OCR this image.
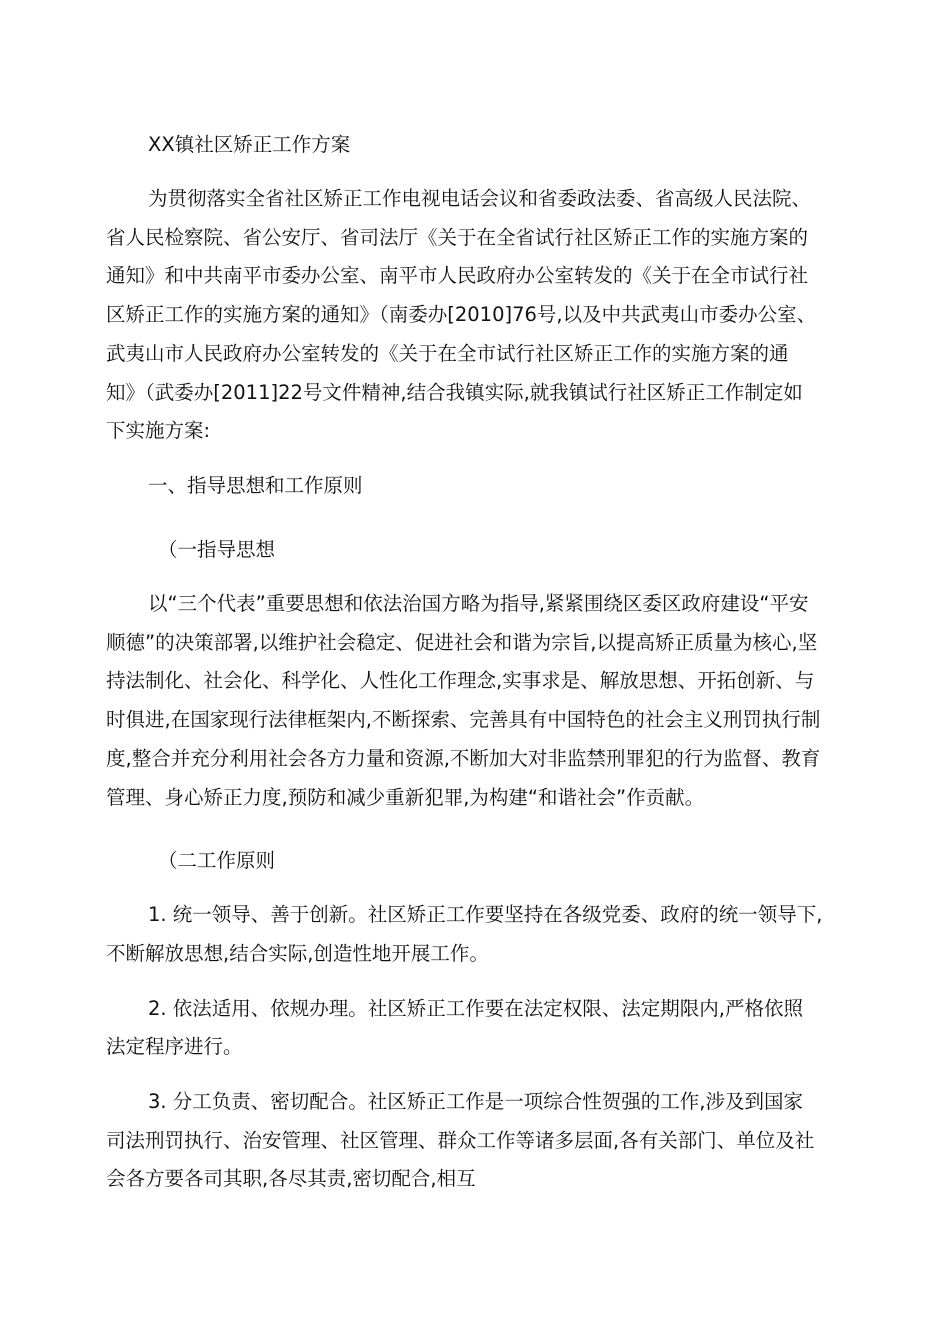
XX镇社区矫正工作方案
为贯彻落实全省社区矫正工作电视电话会议和省委政法委、省高级人民法院、
省人民检察院、省公安厅、省司法厅《关于在全省试行社区矫正工作的实施方案的
通知》和中共南平市委办公室、南平市人民政府办公室转发的《关于在全市试行社
区矫正工作的实施方案的通知》（南委办[2010]76号,以及中共武夷山市委办公室、
武夷山市人民政府办公室转发的《关于在全市试行社区矫正工作的实施方案的通
知》（武委办[2011]22号文件精神,结合我镇实际,就我镇试行社区矫正工作制定如
下实施方案:
一、指导思想和工作原则
（一指导思想
以“三个代表”重要思想和依法治国方略为指导,紧紧围绕区委区政府建设“平安
顺德”的决策部署,以维护社会稳定、促进社会和谐为宗旨,以提高矫正质量为核心,坚
持法制化、社会化、科学化、人性化工作理念,实事求是、解放思想、开拓创新、与
时俱进,在国家现行法律框架内,不断探索、完善具有中国特色的社会主义刑罚执行制
度,整合并充分利用社会各方力量和资源,不断加大对非监禁刑罪犯的行为监督、教育
管理、身心矫正力度,预防和减少重新犯罪,为构建“和谐社会”作贡献。
（二工作原则
1. 统一领导、善于创新。社区矫正工作要坚持在各级党委、政府的统一领导下,
不断解放思想,结合实际,创造性地开展工作。
2. 依法适用、依规办理。社区矫正工作要在法定权限、法定期限内,严格依照
法定程序进行。
3. 分工负责、密切配合。社区矫正工作是一项综合性贺强的工作,涉及到国家
司法刑罚执行、治安管理、社区管理、群众工作等诸多层面,各有关部门、单位及社
会各方要各司其职,各尽其责,密切配合,相互
